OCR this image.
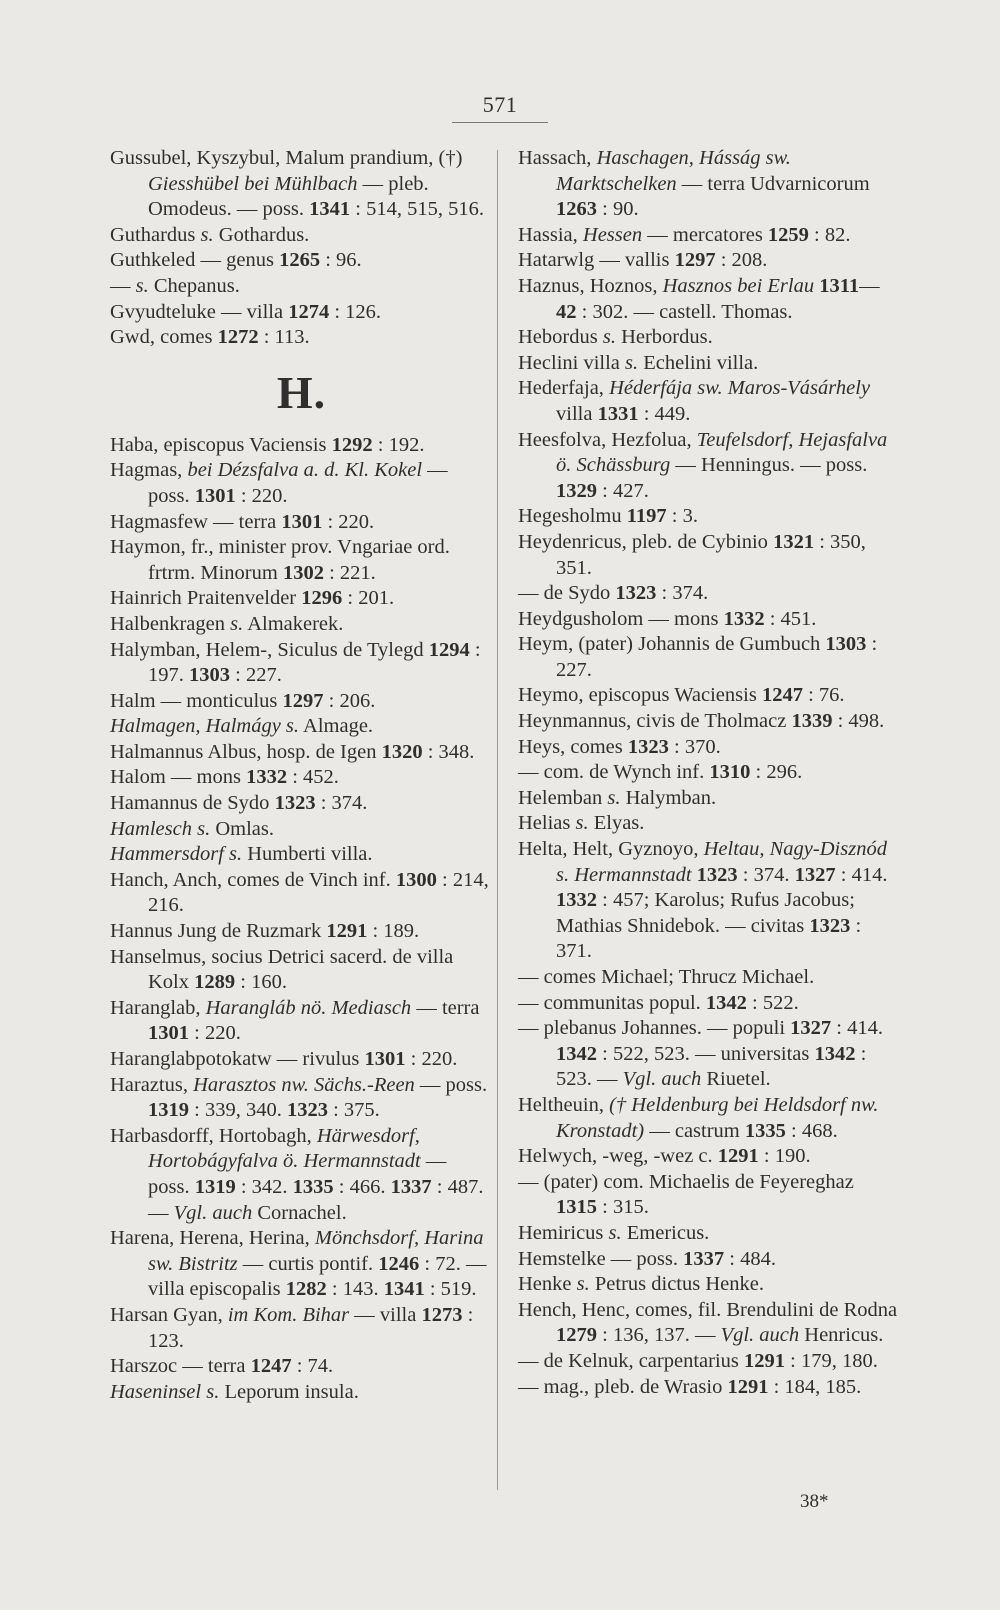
571
Gussubel, Kyszybul, Malum prandium, (†) Giesshübel bei Mühlbach — pleb. Omodeus. — poss. 1341 : 514, 515, 516.
Guthardus s. Gothardus.
Guthkeled — genus 1265 : 96.
— s. Chepanus.
Gvyudteluke — villa 1274 : 126.
Gwd, comes 1272 : 113.
H.
Haba, episcopus Vaciensis 1292 : 192.
Hagmas, bei Dézsfalva a. d. Kl. Kokel — poss. 1301 : 220.
Hagmasfew — terra 1301 : 220.
Haymon, fr., minister prov. Vngariae ord. frtrm. Minorum 1302 : 221.
Hainrich Praitenvelder 1296 : 201.
Halbenkragen s. Almakerek.
Halymban, Helem-, Siculus de Tylegd 1294 : 197. 1303 : 227.
Halm — monticulus 1297 : 206.
Halmagen, Halmágy s. Almage.
Halmannus Albus, hosp. de Igen 1320 : 348.
Halom — mons 1332 : 452.
Hamannus de Sydo 1323 : 374.
Hamlesch s. Omlas.
Hammersdorf s. Humberti villa.
Hanch, Anch, comes de Vinch inf. 1300 : 214, 216.
Hannus Jung de Ruzmark 1291 : 189.
Hanselmus, socius Detrici sacerd. de villa Kolx 1289 : 160.
Haranglab, Harangláb nö. Mediasch — terra 1301 : 220.
Haranglabpotokatw — rivulus 1301 : 220.
Haraztus, Harasztos nw. Sächs.-Reen — poss. 1319 : 339, 340. 1323 : 375.
Harbasdorff, Hortobagh, Härwesdorf, Hortobágyfalva ö. Hermannstadt — poss. 1319 : 342. 1335 : 466. 1337 : 487. — Vgl. auch Cornachel.
Harena, Herena, Herina, Mönchsdorf, Harina sw. Bistritz — curtis pontif. 1246 : 72. — villa episcopalis 1282 : 143. 1341 : 519.
Harsan Gyan, im Kom. Bihar — villa 1273 : 123.
Harszoc — terra 1247 : 74.
Haseninsel s. Leporum insula.
Hassach, Haschagen, Hásság sw. Marktschelken — terra Udvarnicorum 1263 : 90.
Hassia, Hessen — mercatores 1259 : 82.
Hatarwlg — vallis 1297 : 208.
Haznus, Hoznos, Hasznos bei Erlau 1311—42 : 302. — castell. Thomas.
Hebordus s. Herbordus.
Heclini villa s. Echelini villa.
Hederfaja, Héderfája sw. Maros-Vásárhely villa 1331 : 449.
Heesfolva, Hezfolua, Teufelsdorf, Hejasfalva ö. Schässburg — Henningus. — poss. 1329 : 427.
Hegesholmu 1197 : 3.
Heydenricus, pleb. de Cybinio 1321 : 350, 351.
— de Sydo 1323 : 374.
Heydgusholom — mons 1332 : 451.
Heym, (pater) Johannis de Gumbuch 1303 : 227.
Heymo, episcopus Waciensis 1247 : 76.
Heynmannus, civis de Tholmacz 1339 : 498.
Heys, comes 1323 : 370.
— com. de Wynch inf. 1310 : 296.
Helemban s. Halymban.
Helias s. Elyas.
Helta, Helt, Gyznoyo, Heltau, Nagy-Disznód s. Hermannstadt 1323 : 374. 1327 : 414. 1332 : 457; Karolus; Rufus Jacobus; Mathias Shnidebok. — civitas 1323 : 371.
— comes Michael; Thrucz Michael.
— communitas popul. 1342 : 522.
— plebanus Johannes. — populi 1327 : 414. 1342 : 522, 523. — universitas 1342 : 523. — Vgl. auch Riuetel.
Heltheuin, († Heldenburg bei Heldsdorf nw. Kronstadt) — castrum 1335 : 468.
Helwych, -weg, -wez c. 1291 : 190.
— (pater) com. Michaelis de Feyereghaz 1315 : 315.
Hemiricus s. Emericus.
Hemstelke — poss. 1337 : 484.
Henke s. Petrus dictus Henke.
Hench, Henc, comes, fil. Brendulini de Rodna 1279 : 136, 137. — Vgl. auch Henricus.
— de Kelnuk, carpentarius 1291 : 179, 180.
— mag., pleb. de Wrasio 1291 : 184, 185.
38*
